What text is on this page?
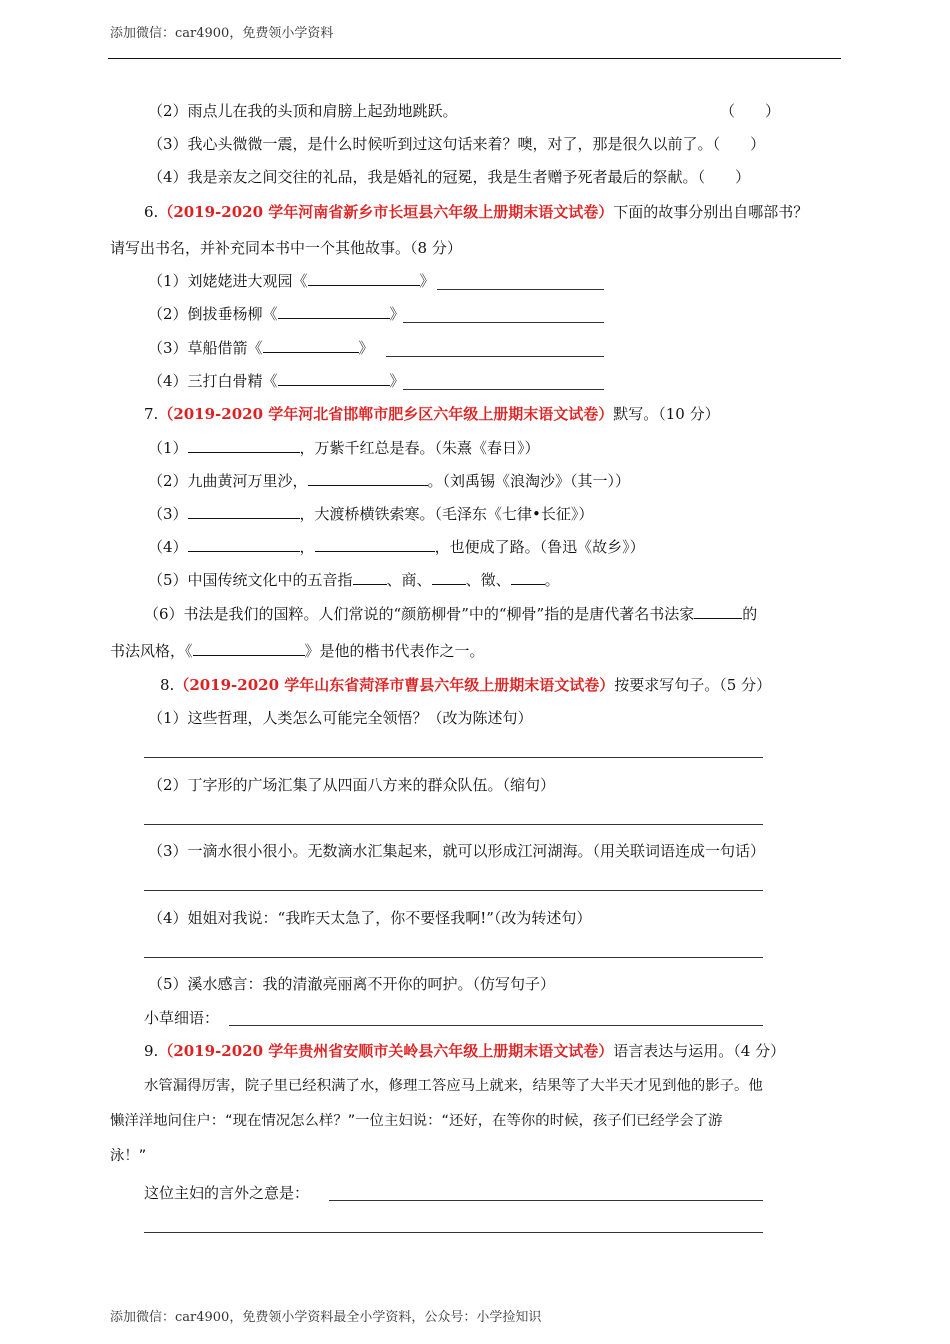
添加微信：car4900，免费领小学资料
（2）雨点儿在我的头顶和肩膀上起劲地跳跃。	（　　）
（3）我心头微微一震，是什么时候听到过这句话来着？噢，对了，那是很久以前了。（　　）
（4）我是亲友之间交往的礼品，我是婚礼的冠冕，我是生者赠予死者最后的祭献。（　　）
6.（2019-2020 学年河南省新乡市长垣县六年级上册期末语文试卷）下面的故事分别出自哪部书？
请写出书名，并补充同本书中一个其他故事。（8 分）
（1）刘姥姥进大观园《	》
（2）倒拔垂杨柳《	》
（3）草船借箭《	》
（4）三打白骨精《	》
7.（2019-2020 学年河北省邯郸市肥乡区六年级上册期末语文试卷）默写。（10 分）
（1）	，万紫千红总是春。（朱熹《春日》）
（2）九曲黄河万里沙，	。（刘禹锡《浪淘沙》（其一））
（3）	，大渡桥横铁索寒。（毛泽东《七律•长征》）
（4）	，	，也便成了路。（鲁迅《故乡》）
（5）中国传统文化中的五音指 、商、 、徵、 。
（6）书法是我们的国粹。人们常说的“颜筋柳骨”中的“柳骨”指的是唐代著名书法家	的
书法风格，《	》是他的楷书代表作之一。
8.（2019-2020 学年山东省菏泽市曹县六年级上册期末语文试卷）按要求写句子。（5 分）
（1）这些哲理，人类怎么可能完全领悟？（改为陈述句）
（2）丁字形的广场汇集了从四面八方来的群众队伍。（缩句）
（3）一滴水很小很小。无数滴水汇集起来，就可以形成江河湖海。（用关联词语连成一句话）
（4）姐姐对我说：“我昨天太急了，你不要怪我啊!”（改为转述句）
（5）溪水感言：我的清澈亮丽离不开你的呵护。（仿写句子）
小草细语：
9.（2019-2020 学年贵州省安顺市关岭县六年级上册期末语文试卷）语言表达与运用。（4 分）
水管漏得厉害，院子里已经积满了水，修理工答应马上就来，结果等了大半天才见到他的影子。他
懒洋洋地问住户：“现在情况怎么样？”一位主妇说：“还好，在等你的时候，孩子们已经学会了游
泳！”
这位主妇的言外之意是：
添加微信：car4900，免费领小学资料最全小学资料，公众号：小学捡知识
